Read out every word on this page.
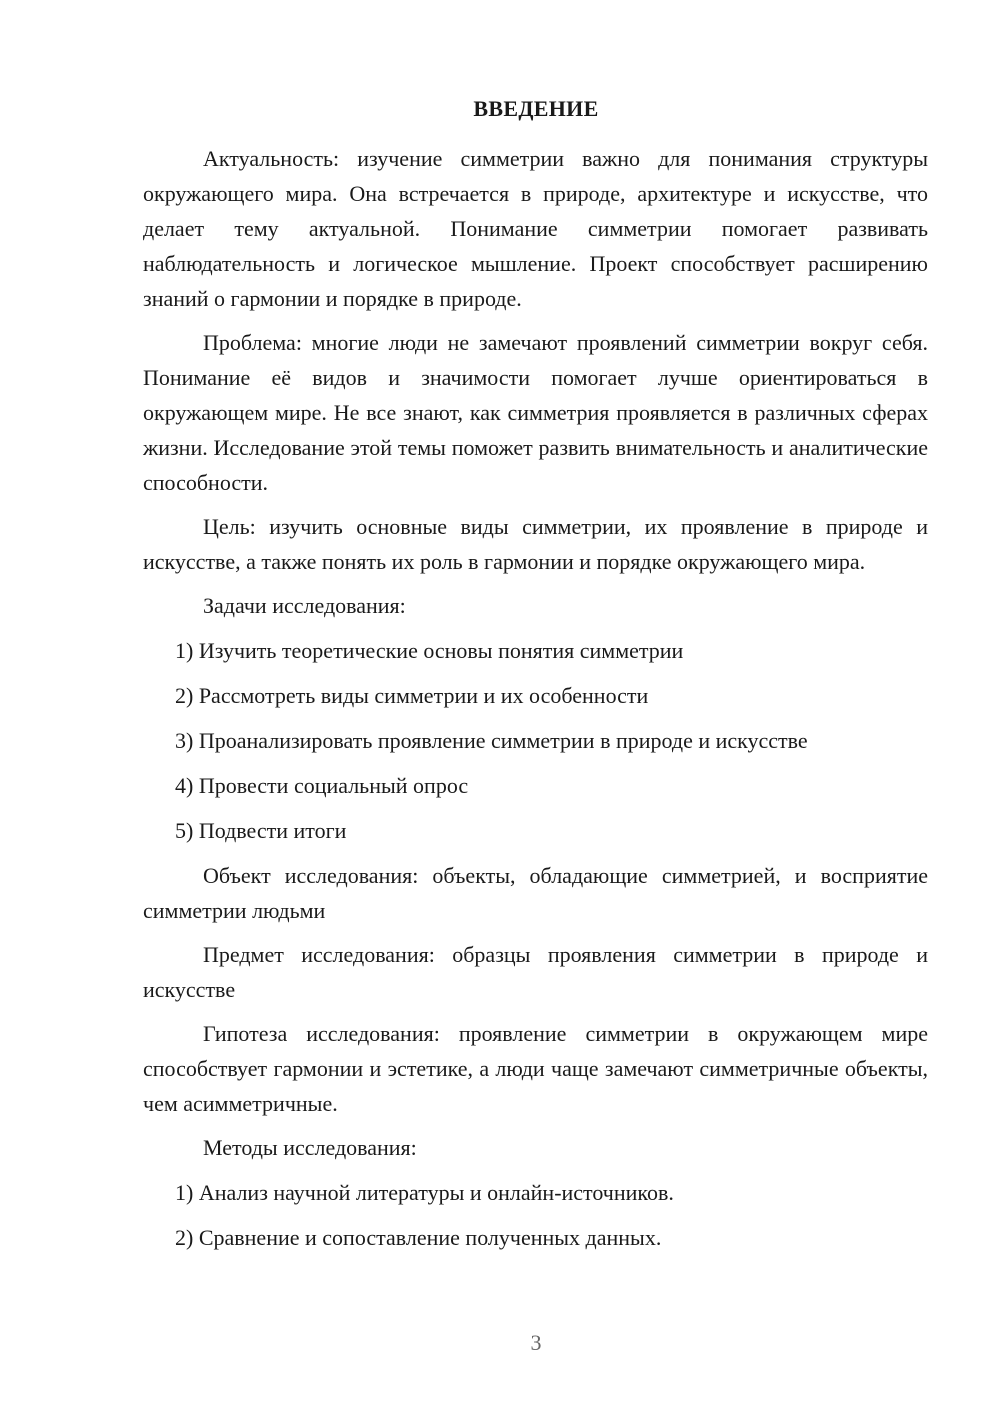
ВВЕДЕНИЕ

Актуальность: изучение симметрии важно для понимания структуры окружающего мира. Она встречается в природе, архитектуре и искусстве, что делает тему актуальной. Понимание симметрии помогает развивать наблюдательность и логическое мышление. Проект способствует расширению знаний о гармонии и порядке в природе.

Проблема: многие люди не замечают проявлений симметрии вокруг себя. Понимание её видов и значимости помогает лучше ориентироваться в окружающем мире. Не все знают, как симметрия проявляется в различных сферах жизни. Исследование этой темы поможет развить внимательность и аналитические способности.

Цель: изучить основные виды симметрии, их проявление в природе и искусстве, а также понять их роль в гармонии и порядке окружающего мира.

Задачи исследования:

1) Изучить теоретические основы понятия симметрии

2) Рассмотреть виды симметрии и их особенности

3) Проанализировать проявление симметрии в природе и искусстве

4) Провести социальный опрос

5) Подвести итоги

Объект исследования: объекты, обладающие симметрией, и восприятие симметрии людьми

Предмет исследования: образцы проявления симметрии в природе и искусстве

Гипотеза исследования: проявление симметрии в окружающем мире способствует гармонии и эстетике, а люди чаще замечают симметричные объекты, чем асимметричные.

Методы исследования:

1) Анализ научной литературы и онлайн-источников.

2) Сравнение и сопоставление полученных данных.

3
